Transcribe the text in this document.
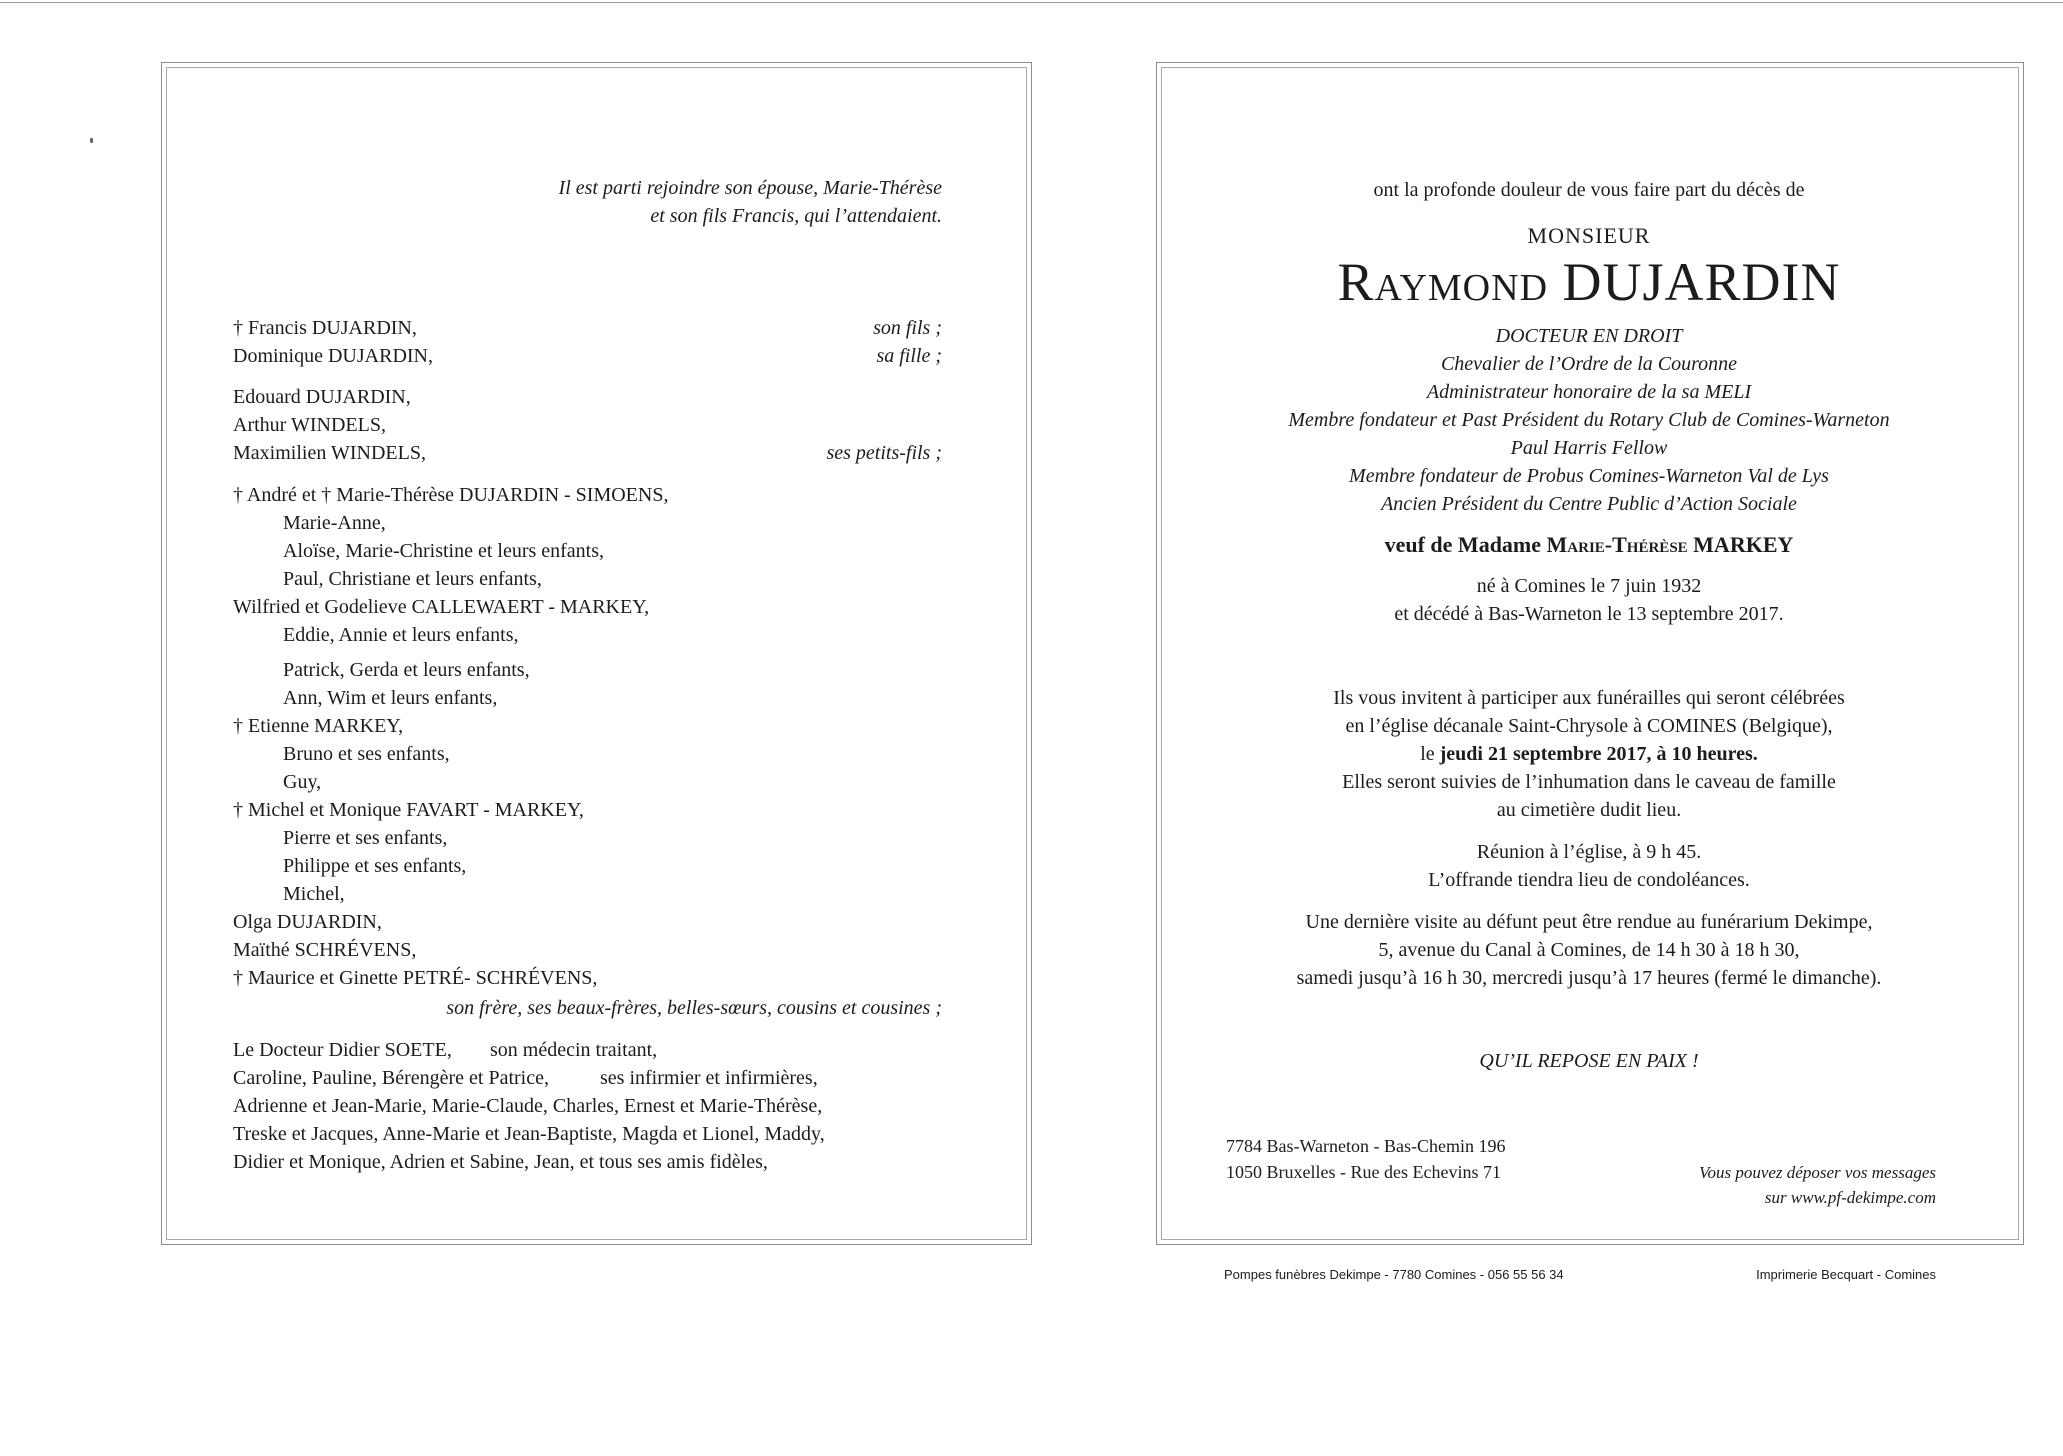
Il est parti rejoindre son épouse, Marie-Thérèse
et son fils Francis, qui l’attendaient.
† Francis DUJARDIN,	son fils ;
Dominique DUJARDIN,	sa fille ;
Edouard DUJARDIN,
Arthur WINDELS,
Maximilien WINDELS,	ses petits-fils ;
† André et † Marie-Thérèse DUJARDIN - SIMOENS,
Marie-Anne,
Aloïse, Marie-Christine et leurs enfants,
Paul, Christiane et leurs enfants,
Wilfried et Godelieve CALLEWAERT - MARKEY,
Eddie, Annie et leurs enfants,
Patrick, Gerda et leurs enfants,
Ann, Wim et leurs enfants,
† Etienne MARKEY,
Bruno et ses enfants,
Guy,
† Michel et Monique FAVART - MARKEY,
Pierre et ses enfants,
Philippe et ses enfants,
Michel,
Olga DUJARDIN,
Maïthé SCHRÉVENS,
† Maurice et Ginette PETRÉ- SCHRÉVENS,
son frère, ses beaux-frères, belles-sœurs, cousins et cousines ;
Le Docteur Didier SOETE, son médecin traitant,
Caroline, Pauline, Bérengère et Patrice,	ses infirmier et infirmières,
Adrienne et Jean-Marie, Marie-Claude, Charles, Ernest et Marie-Thérèse,
Treske et Jacques, Anne-Marie et Jean-Baptiste, Magda et Lionel, Maddy,
Didier et Monique, Adrien et Sabine, Jean, et tous ses amis fidèles,
ont la profonde douleur de vous faire part du décès de
MONSIEUR
Raymond DUJARDIN
DOCTEUR EN DROIT
Chevalier de l’Ordre de la Couronne
Administrateur honoraire de la sa MELI
Membre fondateur et Past Président du Rotary Club de Comines-Warneton
Paul Harris Fellow
Membre fondateur de Probus Comines-Warneton Val de Lys
Ancien Président du Centre Public d’Action Sociale
veuf de Madame Marie-Thérèse MARKEY
né à Comines le 7 juin 1932
et décédé à Bas-Warneton le 13 septembre 2017.
Ils vous invitent à participer aux funérailles qui seront célébrées
en l’église décanale Saint-Chrysole à COMINES (Belgique),
le jeudi 21 septembre 2017, à 10 heures.
Elles seront suivies de l’inhumation dans le caveau de famille
au cimetière dudit lieu.
Réunion à l’église, à 9 h 45.
L’offrande tiendra lieu de condoléances.
Une dernière visite au défunt peut être rendue au funérarium Dekimpe,
5, avenue du Canal à Comines, de 14 h 30 à 18 h 30,
samedi jusqu’à 16 h 30, mercredi jusqu’à 17 heures (fermé le dimanche).
QU’IL REPOSE EN PAIX !
7784 Bas-Warneton - Bas-Chemin 196
1050 Bruxelles - Rue des Echevins 71	Vous pouvez déposer vos messages
sur www.pf-dekimpe.com
Pompes funèbres Dekimpe - 7780 Comines - 056 55 56 34	Imprimerie Becquart - Comines
